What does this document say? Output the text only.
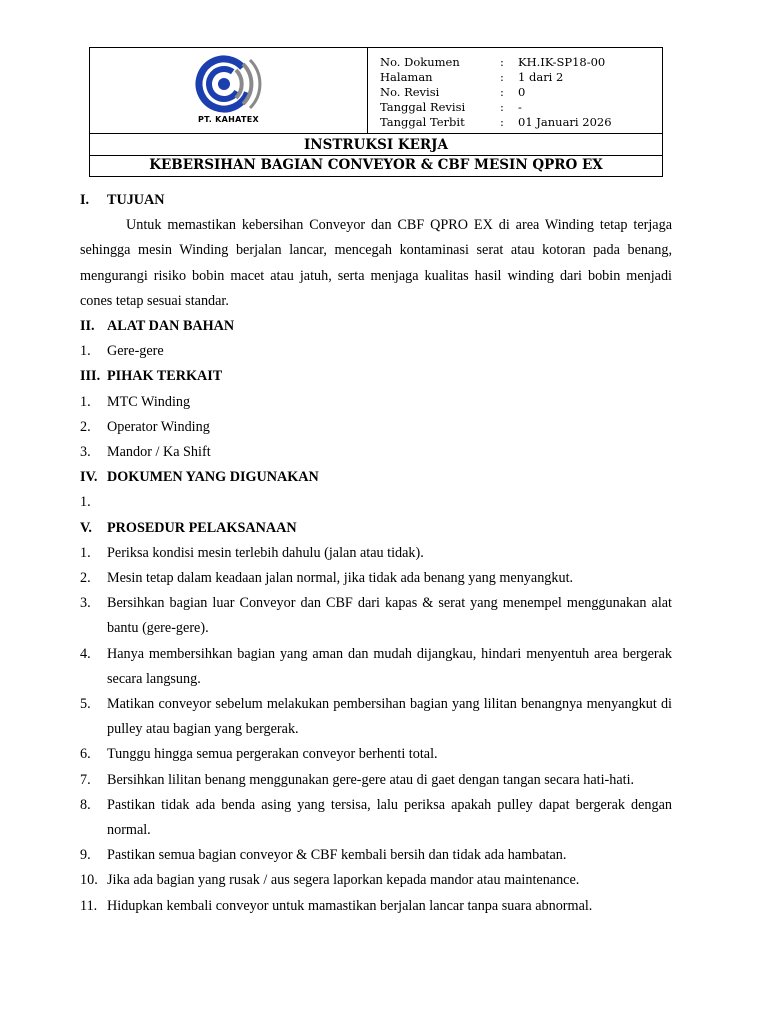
PT. KAHATEX
No. Dokumen	:	KH.IK-SP18-00
Halaman	:	1 dari 2
No. Revisi	:	0
Tanggal Revisi	:	-
Tanggal Terbit	:	01 Januari 2026
INSTRUKSI KERJA
KEBERSIHAN BAGIAN CONVEYOR & CBF MESIN QPRO EX
I.	TUJUAN
Untuk memastikan kebersihan Conveyor dan CBF QPRO EX di area Winding tetap terjaga sehingga mesin Winding berjalan lancar, mencegah kontaminasi serat atau kotoran pada benang, mengurangi risiko bobin macet atau jatuh, serta menjaga kualitas hasil winding dari bobin menjadi cones tetap sesuai standar.
II. ALAT DAN BAHAN
1.	Gere-gere
III. PIHAK TERKAIT
1.	MTC Winding
2.	Operator Winding
3.	Mandor / Ka Shift
IV. DOKUMEN YANG DIGUNAKAN
1.
V.	PROSEDUR PELAKSANAAN
1.	Periksa kondisi mesin terlebih dahulu (jalan atau tidak).
2.	Mesin tetap dalam keadaan jalan normal, jika tidak ada benang yang menyangkut.
3.	Bersihkan bagian luar Conveyor dan CBF dari kapas & serat yang menempel menggunakan alat bantu (gere-gere).
4.	Hanya membersihkan bagian yang aman dan mudah dijangkau, hindari menyentuh area bergerak secara langsung.
5.	Matikan conveyor sebelum melakukan pembersihan bagian yang lilitan benangnya menyangkut di pulley atau bagian yang bergerak.
6.	Tunggu hingga semua pergerakan conveyor berhenti total.
7.	Bersihkan lilitan benang menggunakan gere-gere atau di gaet dengan tangan secara hati-hati.
8.	Pastikan tidak ada benda asing yang tersisa, lalu periksa apakah pulley dapat bergerak dengan normal.
9.	Pastikan semua bagian conveyor & CBF kembali bersih dan tidak ada hambatan.
10. Jika ada bagian yang rusak / aus segera laporkan kepada mandor atau maintenance.
11. Hidupkan kembali conveyor untuk mamastikan berjalan lancar tanpa suara abnormal.
